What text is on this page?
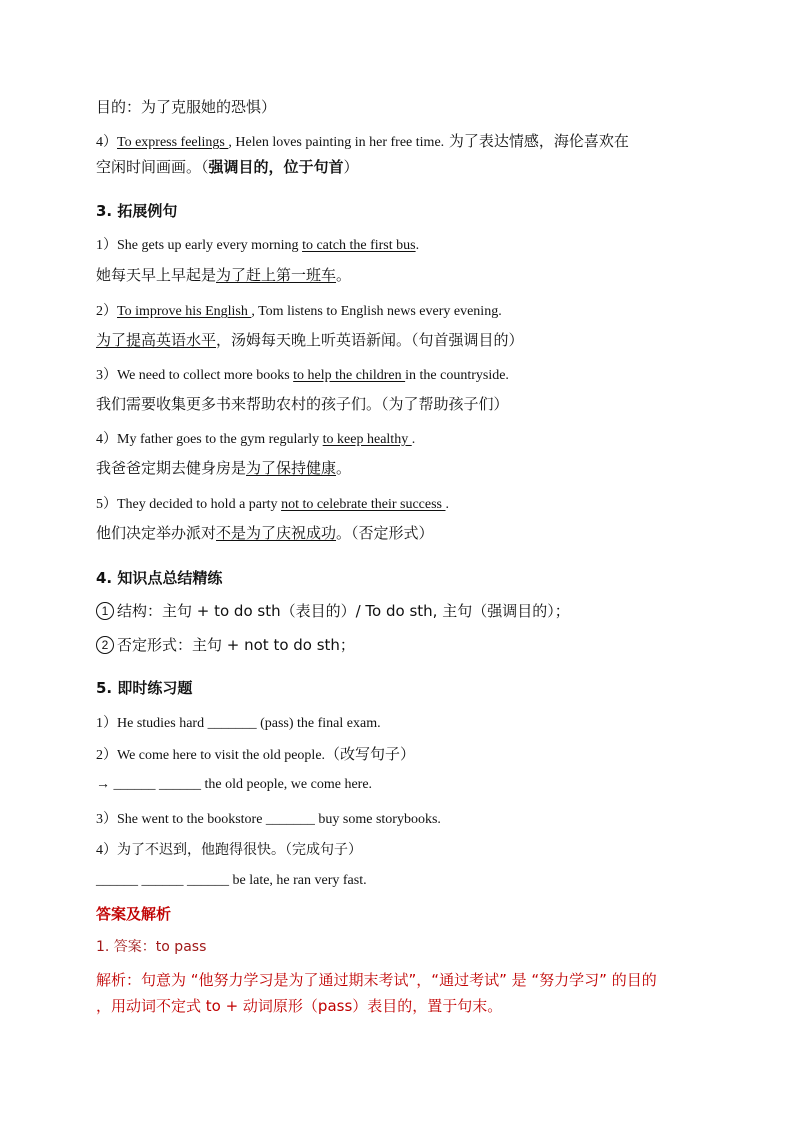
目的：为了克服她的恐惧）
4）To express feelings , Helen loves painting in her free time. 为了表达情感，海伦喜欢在
空闲时间画画。（强调目的，位于句首）
3. 拓展例句
1）She gets up early every morning to catch the first bus.
她每天早上早起是为了赶上第一班车。
2）To improve his English , Tom listens to English news every evening.
为了提高英语水平，汤姆每天晚上听英语新闻。（句首强调目的）
3）We need to collect more books to help the children in the countryside.
我们需要收集更多书来帮助农村的孩子们。（为了帮助孩子们）
4）My father goes to the gym regularly to keep healthy .
我爸爸定期去健身房是为了保持健康。
5）They decided to hold a party not to celebrate their success .
他们决定举办派对不是为了庆祝成功。（否定形式）
4. 知识点总结精练
1 结构：主句 + to do sth（表目的）/ To do sth, 主句（强调目的）；
2 否定形式：主句 + not to do sth；
5. 即时练习题
1）He studies hard _______ (pass) the final exam.
2）We come here to visit the old people.（改写句子）
→ ______ ______ the old people, we come here.
3）She went to the bookstore _______ buy some storybooks.
4）为了不迟到，他跑得很快。（完成句子）
______ ______ ______ be late, he ran very fast.
答案及解析
1. 答案：to pass
解析：句意为 “他努力学习是为了通过期末考试”，“通过考试” 是 “努力学习” 的目的
，用动词不定式 to + 动词原形（pass）表目的，置于句末。
